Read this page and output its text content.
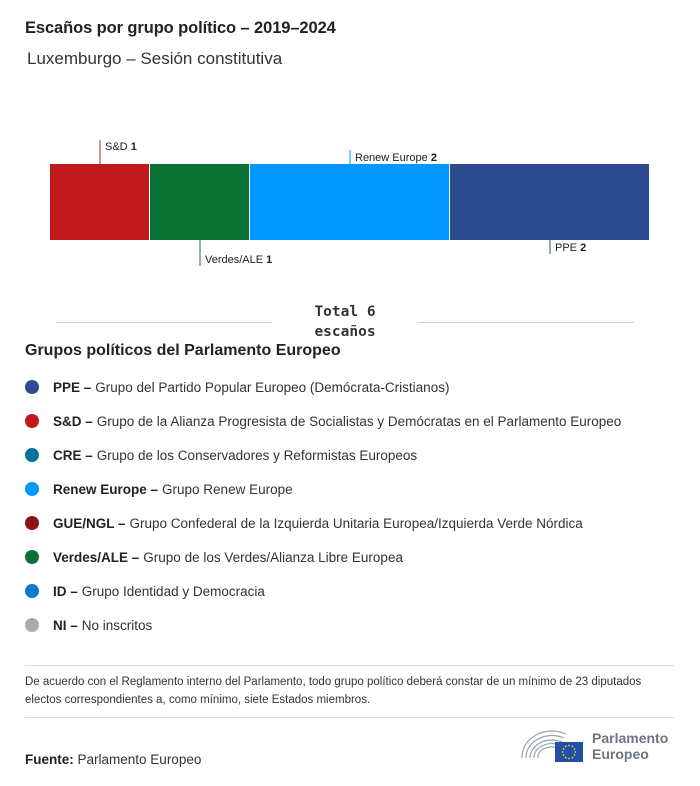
Escaños por grupo político – 2019–2024
Luxemburgo – Sesión constitutiva
S&D 1
Verdes/ALE 1
Renew Europe 2
PPE 2
Total 6
escaños
Grupos políticos del Parlamento Europeo
PPE – Grupo del Partido Popular Europeo (Demócrata-Cristianos)
S&D – Grupo de la Alianza Progresista de Socialistas y Demócratas en el Parlamento Europeo
CRE – Grupo de los Conservadores y Reformistas Europeos
Renew Europe – Grupo Renew Europe
GUE/NGL – Grupo Confederal de la Izquierda Unitaria Europea/Izquierda Verde Nórdica
Verdes/ALE – Grupo de los Verdes/Alianza Libre Europea
ID – Grupo Identidad y Democracia
NI – No inscritos
De acuerdo con el Reglamento interno del Parlamento, todo grupo político deberá constar de un mínimo de 23 diputados electos correspondientes a, como mínimo, siete Estados miembros.
Fuente: Parlamento Europeo
Parlamento
Europeo
